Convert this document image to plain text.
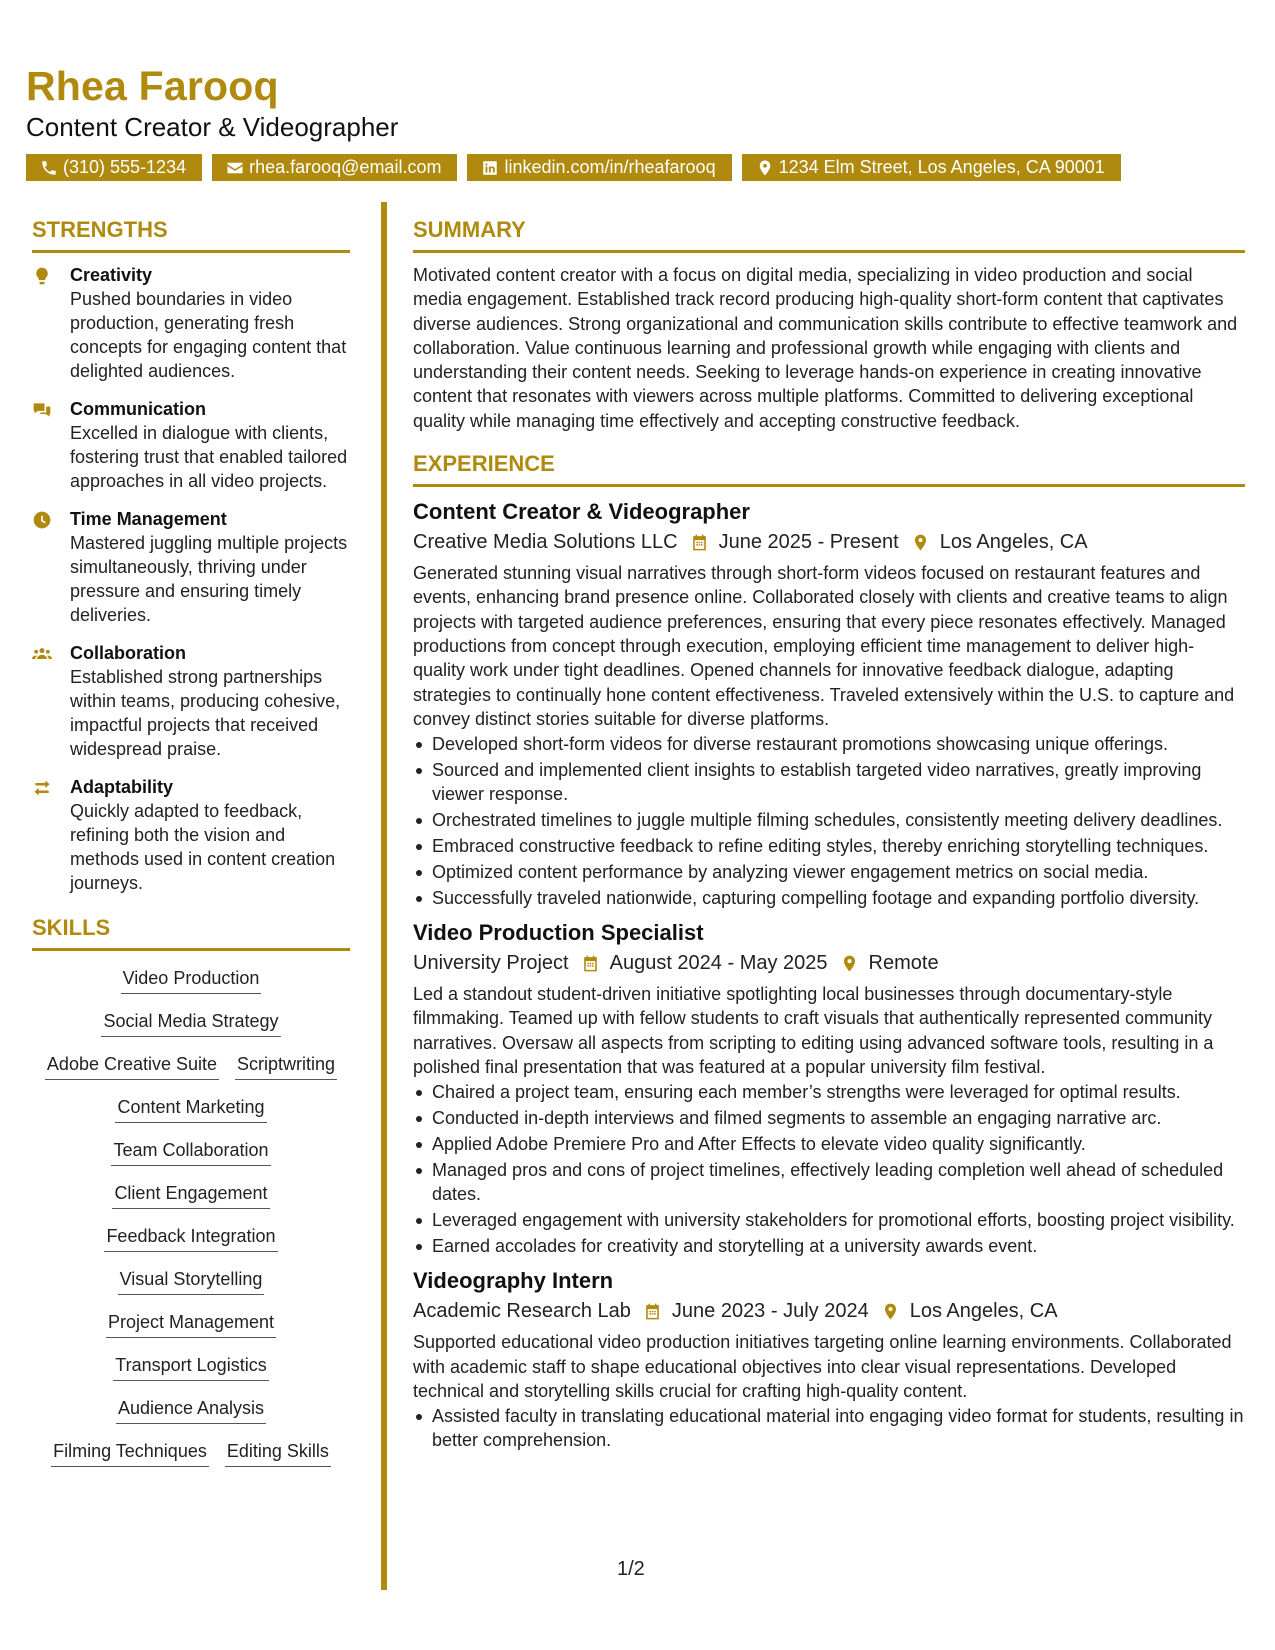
Rhea Farooq
Content Creator & Videographer
(310) 555-1234	rhea.farooq@email.com	linkedin.com/in/rheafarooq	1234 Elm Street, Los Angeles, CA 90001
STRENGTHS
Creativity
Pushed boundaries in video production, generating fresh concepts for engaging content that delighted audiences.
Communication
Excelled in dialogue with clients, fostering trust that enabled tailored approaches in all video projects.
Time Management
Mastered juggling multiple projects simultaneously, thriving under pressure and ensuring timely deliveries.
Collaboration
Established strong partnerships within teams, producing cohesive, impactful projects that received widespread praise.
Adaptability
Quickly adapted to feedback, refining both the vision and methods used in content creation journeys.
SKILLS
Video Production
Social Media Strategy
Adobe Creative Suite Scriptwriting
Content Marketing
Team Collaboration
Client Engagement
Feedback Integration
Visual Storytelling
Project Management
Transport Logistics
Audience Analysis
Filming Techniques Editing Skills
SUMMARY
Motivated content creator with a focus on digital media, specializing in video production and social media engagement. Established track record producing high-quality short-form content that captivates diverse audiences. Strong organizational and communication skills contribute to effective teamwork and collaboration. Value continuous learning and professional growth while engaging with clients and understanding their content needs. Seeking to leverage hands-on experience in creating innovative content that resonates with viewers across multiple platforms. Committed to delivering exceptional quality while managing time effectively and accepting constructive feedback.
EXPERIENCE
Content Creator & Videographer
Creative Media Solutions LLC June 2025 - Present Los Angeles, CA
Generated stunning visual narratives through short-form videos focused on restaurant features and events, enhancing brand presence online. Collaborated closely with clients and creative teams to align projects with targeted audience preferences, ensuring that every piece resonates effectively. Managed productions from concept through execution, employing efficient time management to deliver high-quality work under tight deadlines. Opened channels for innovative feedback dialogue, adapting strategies to continually hone content effectiveness. Traveled extensively within the U.S. to capture and convey distinct stories suitable for diverse platforms.
Developed short-form videos for diverse restaurant promotions showcasing unique offerings.
Sourced and implemented client insights to establish targeted video narratives, greatly improving viewer response.
Orchestrated timelines to juggle multiple filming schedules, consistently meeting delivery deadlines.
Embraced constructive feedback to refine editing styles, thereby enriching storytelling techniques.
Optimized content performance by analyzing viewer engagement metrics on social media.
Successfully traveled nationwide, capturing compelling footage and expanding portfolio diversity.
Video Production Specialist
University Project August 2024 - May 2025 Remote
Led a standout student-driven initiative spotlighting local businesses through documentary-style filmmaking. Teamed up with fellow students to craft visuals that authentically represented community narratives. Oversaw all aspects from scripting to editing using advanced software tools, resulting in a polished final presentation that was featured at a popular university film festival.
Chaired a project team, ensuring each member’s strengths were leveraged for optimal results.
Conducted in-depth interviews and filmed segments to assemble an engaging narrative arc.
Applied Adobe Premiere Pro and After Effects to elevate video quality significantly.
Managed pros and cons of project timelines, effectively leading completion well ahead of scheduled dates.
Leveraged engagement with university stakeholders for promotional efforts, boosting project visibility.
Earned accolades for creativity and storytelling at a university awards event.
Videography Intern
Academic Research Lab June 2023 - July 2024 Los Angeles, CA
Supported educational video production initiatives targeting online learning environments. Collaborated with academic staff to shape educational objectives into clear visual representations. Developed technical and storytelling skills crucial for crafting high-quality content.
Assisted faculty in translating educational material into engaging video format for students, resulting in better comprehension.
1/2
